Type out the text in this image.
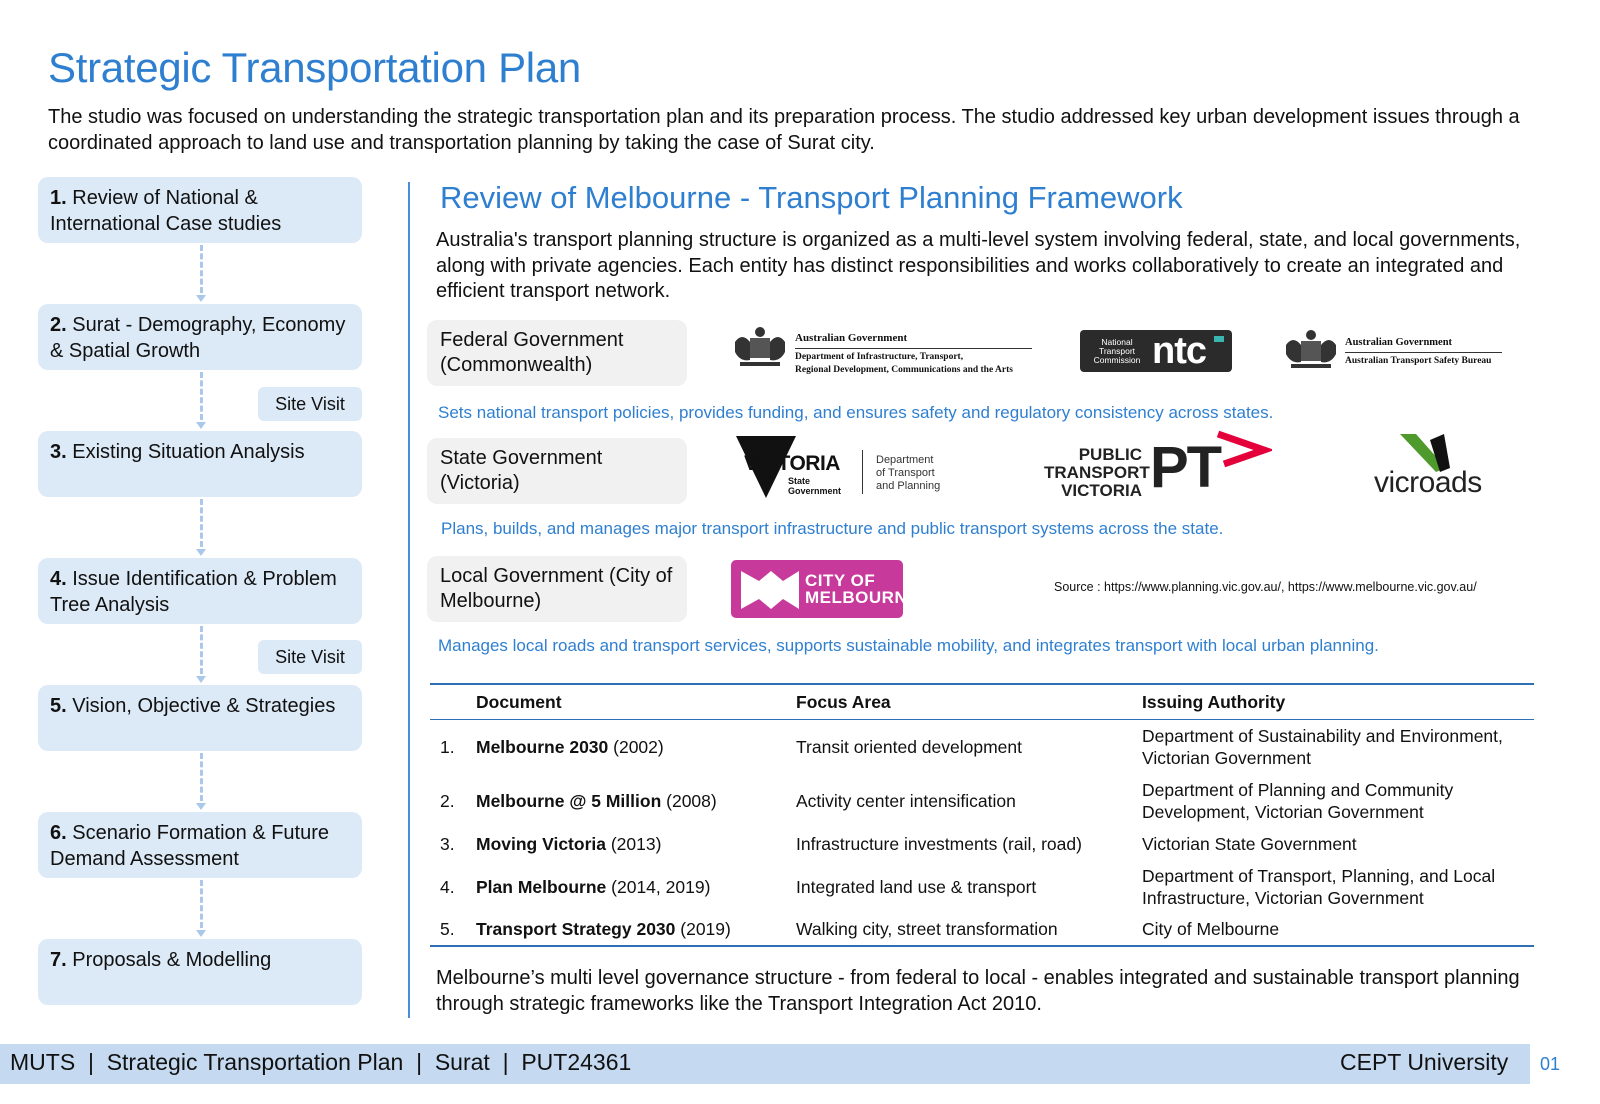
Strategic Transportation Plan
The studio was focused on understanding the strategic transportation plan and its preparation process. The studio addressed key urban development issues through a coordinated approach to land use and transportation planning by taking the case of Surat city.
1. Review of National & International Case studies
2. Surat - Demography, Economy & Spatial Growth
Site Visit
3. Existing Situation Analysis
4. Issue Identification & Problem Tree Analysis
Site Visit
5. Vision, Objective & Strategies
6. Scenario Formation & Future Demand Assessment
7. Proposals & Modelling
Review of Melbourne - Transport Planning Framework
Australia's transport planning structure is organized as a multi-level system involving federal, state, and local governments, along with private agencies. Each entity has distinct responsibilities and works collaboratively to create an integrated and efficient transport network.
Federal Government (Commonwealth)
Sets national transport policies, provides funding, and ensures safety and regulatory consistency across states.
State Government (Victoria)
Plans, builds, and manages major transport infrastructure and public transport systems across the state.
Local Government (City of Melbourne)
Manages local roads and transport services, supports sustainable mobility, and integrates transport with local urban planning.
Australian Government
Department of Infrastructure, Transport,
Regional Development, Communications and the Arts
National
Transport
Commission ntc	Australian Government
Australian Transport Safety Bureau
VICTORIA
State
Government
Department
of Transport
and Planning
PUBLIC
TRANSPORT
VICTORIA PT	vicroads
CITY OF
MELBOURNE
Source : https://www.planning.vic.gov.au/, https://www.melbourne.vic.gov.au/
	Document	Focus Area	Issuing Authority
1.	Melbourne 2030 (2002)	Transit oriented development	Department of Sustainability and Environment, Victorian Government
2.	Melbourne @ 5 Million (2008)	Activity center intensification	Department of Planning and Community Development, Victorian Government
3.	Moving Victoria (2013)	Infrastructure investments (rail, road)	Victorian State Government
4.	Plan Melbourne (2014, 2019)	Integrated land use & transport	Department of Transport, Planning, and Local Infrastructure, Victorian Government
5.	Transport Strategy 2030 (2019)	Walking city, street transformation	City of Melbourne
Melbourne’s multi level governance structure - from federal to local - enables integrated and sustainable transport planning through strategic frameworks like the Transport Integration Act 2010.
MUTS  |  Strategic Transportation Plan  |  Surat  |  PUT24361	CEPT University 01
